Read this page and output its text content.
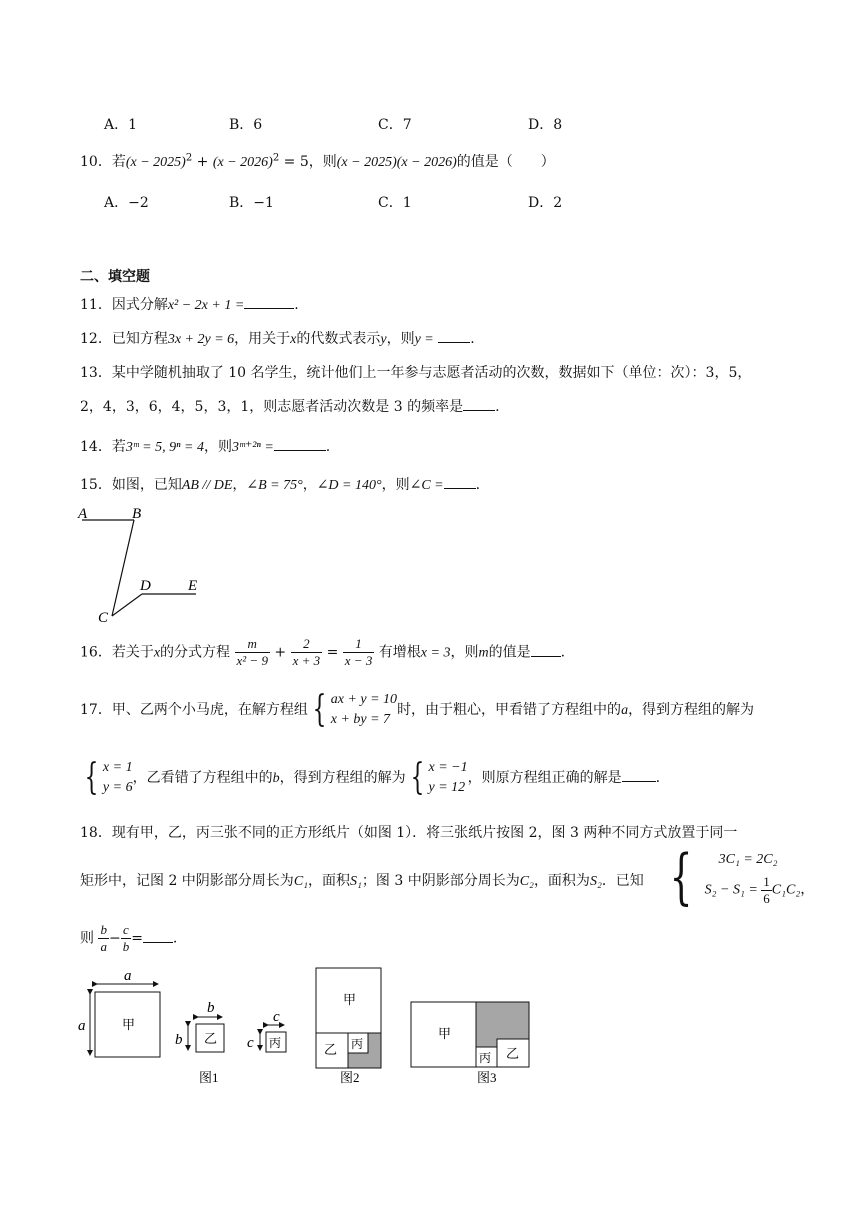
A．1	B．6	C．7	D．8
10．若$(x - 2025)^2 + (x - 2026)^2 = 5$，则(x − 2025)(x − 2026)的值是（　　）
A．−2	B．−1	C．1	D．2
二、填空题
11．因式分解x² − 2x + 1 =	.
12．已知方程3x + 2y = 6，用关于x的代数式表示y，则y =	.
13．某中学随机抽取了 10 名学生，统计他们上一年参与志愿者活动的次数，数据如下（单位：次）：3，5，
2，4，3，6，4，5，3，1，则志愿者活动次数是 3 的频率是 .
14．若3ᵐ = 5, 9ⁿ = 4，则3ᵐ⁺²ⁿ =	.
15．如图，已知AB // DE，∠B = 75°，∠D = 140°，则∠C = .
A	B
C
D E
16．若关于x的分式方程 $\frac{m}{\text{x² − 9}} + \frac{2}{x + 3} = \frac{1}{x - 3}$ 有增根x = 3，则m的值是 .
17．甲、乙两个小马虎，在解方程组 { ax + y = 10
x + by = 7
时，由于粗心，甲看错了方程组中的a，得到方程组的解为
{ x = 1
y = 6
，乙看错了方程组中的b，得到方程组的解为 { x = −1
y = 12
，则原方程组正确的解是 .
18．现有甲，乙，丙三张不同的正方形纸片（如图 1）．将三张纸片按图 2，图 3 两种不同方式放置于同一
矩形中，记图 2 中阴影部分周长为C₁，面积S₁；图 3 中阴影部分周长为C₂，面积为S₂．已知 {	3C₁ = 2C₂
$S_2 - S_1 = \frac{1}{6} C_1C_2$，
则 $\frac{b}{a} - \frac{c}{b}$ = .
甲
a
a
乙
b
b	丙
c
c
图1
甲
乙 丙
图2
甲
丙 乙
图3
